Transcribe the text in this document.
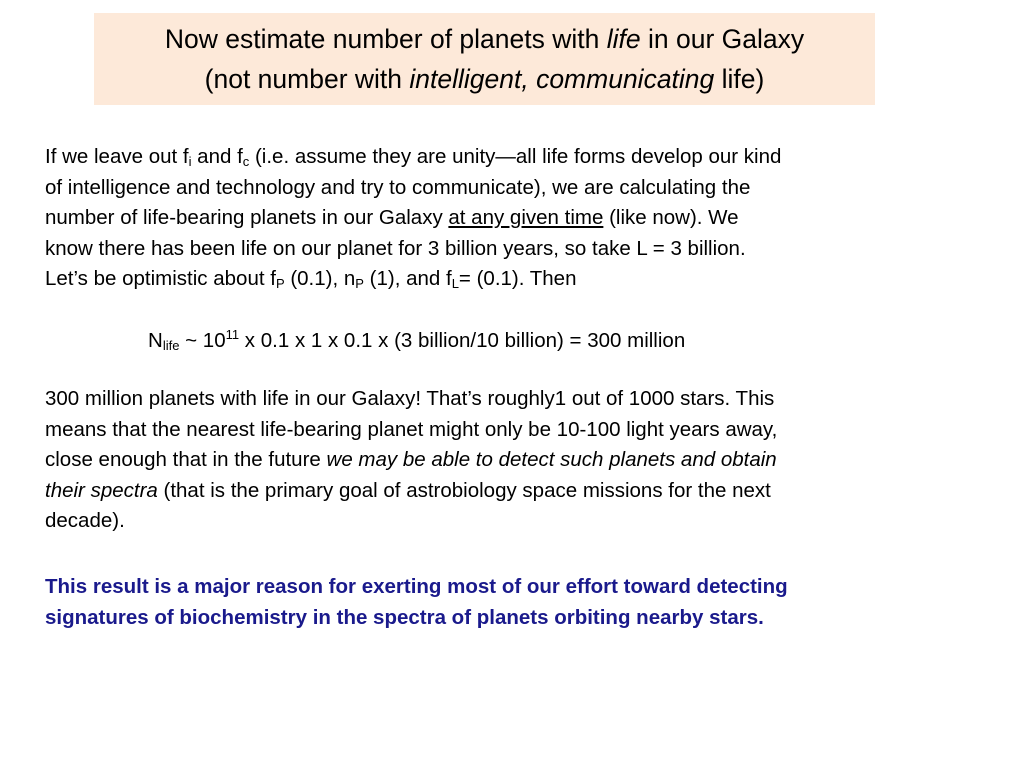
Now estimate number of planets with life in our Galaxy
(not number with intelligent, communicating life)
If we leave out $f_i$ and $f_c$ (i.e. assume they are unity—all life forms develop our kind
of intelligence and technology and try to communicate), we are calculating the
number of life-bearing planets in our Galaxy at any given time (like now). We
know there has been life on our planet for 3 billion years, so take L = 3 billion.
Let’s be optimistic about $f_P$ (0.1), $n_P$ (1), and $f_L= (0.1)$. Then
$N_{life}$ ~ $10^{11}$ x 0.1 x 1 x 0.1 x (3 billion/10 billion) = 300 million
300 million planets with life in our Galaxy! That’s roughly1 out of 1000 stars. This
means that the nearest life-bearing planet might only be 10-100 light years away,
close enough that in the future we may be able to detect such planets and obtain
their spectra (that is the primary goal of astrobiology space missions for the next
decade).
This result is a major reason for exerting most of our effort toward detecting
signatures of biochemistry in the spectra of planets orbiting nearby stars.
